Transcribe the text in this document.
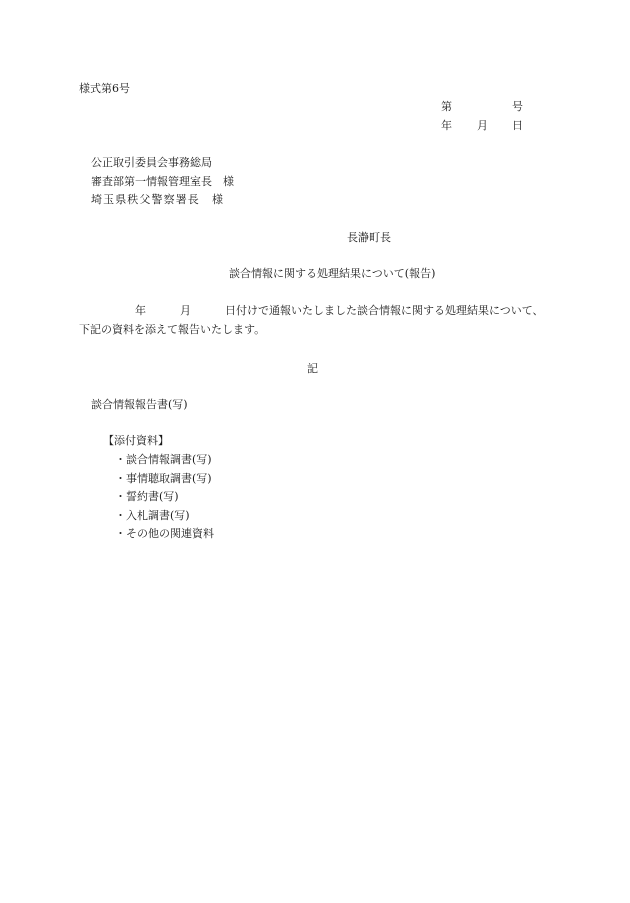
様式第6号
第	号
年 月 日
公正取引委員会事務総局
審査部第一情報管理室長　様
埼玉県秩父警察署長　様
長瀞町長
談合情報に関する処理結果について(報告)
年	月	日付けで通報いたしました談合情報に関する処理結果について、
下記の資料を添えて報告いたします。
記
談合情報報告書(写)
【添付資料】
・談合情報調書(写)
・事情聴取調書(写)
・誓約書(写)
・入札調書(写)
・その他の関連資料
